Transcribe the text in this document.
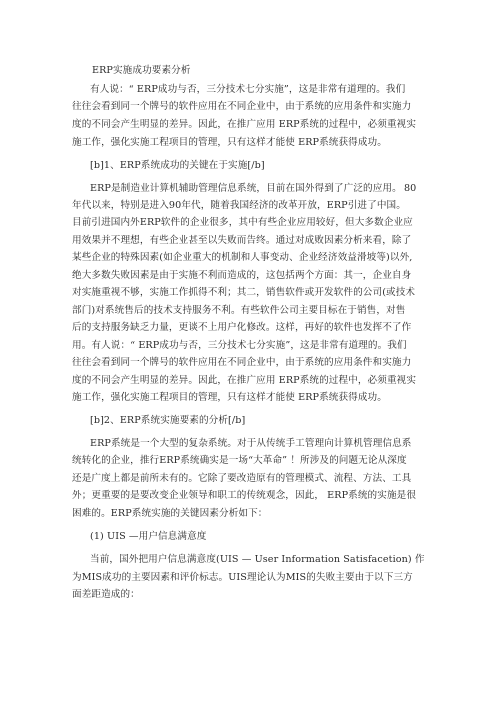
ERP实施成功要素分析
有人说：“ ERP成功与否，三分技术七分实施”，这是非常有道理的。我们
往往会看到同一个牌号的软件应用在不同企业中，由于系统的应用条件和实施力
度的不同会产生明显的差异。因此，在推广应用 ERP系统的过程中，必须重视实
施工作，强化实施工程项目的管理，只有这样才能使 ERP系统获得成功。
[b]1、ERP系统成功的关键在于实施[/b]
ERP是制造业计算机辅助管理信息系统，目前在国外得到了广泛的应用。 80
年代以来，特别是进入90年代，随着我国经济的改革开放，ERP引进了中国。
目前引进国内外ERP软件的企业很多，其中有些企业应用较好，但大多数企业应
用效果并不理想，有些企业甚至以失败而告终。通过对成败因素分析来看，除了
某些企业的特殊因素(如企业重大的机制和人事变动、企业经济效益滑坡等)以外,
绝大多数失败因素是由于实施不利而造成的，这包括两个方面：其一，企业自身
对实施重视不够，实施工作抓得不利；其二，销售软件或开发软件的公司(或技术
部门)对系统售后的技术支持服务不利。有些软件公司主要目标在于销售，对售
后的支持服务缺乏力量，更谈不上用户化修改。这样，再好的软件也发挥不了作
用。有人说：“ ERP成功与否，三分技术七分实施”，这是非常有道理的。我们
往往会看到同一个牌号的软件应用在不同企业中，由于系统的应用条件和实施力
度的不同会产生明显的差异。因此，在推广应用 ERP系统的过程中，必须重视实
施工作，强化实施工程项目的管理，只有这样才能使 ERP系统获得成功。
[b]2、ERP系统实施要素的分析[/b]
ERP系统是一个大型的复杂系统。对于从传统手工管理向计算机管理信息系
统转化的企业，推行ERP系统确实是一场“大革命” ！所涉及的问题无论从深度
还是广度上都是前所未有的。它除了要改造原有的管理模式、流程、方法、工具
外；更重要的是要改变企业领导和职工的传统观念，因此， ERP系统的实施是很
困难的。ERP系统实施的关键因素分析如下：
(1) UIS —用户信息满意度
当前，国外把用户信息满意度(UIS — User Information Satisfacetion) 作
为MIS成功的主要因素和评价标志。UIS理论认为MIS的失败主要由于以下三方
面差距造成的：
